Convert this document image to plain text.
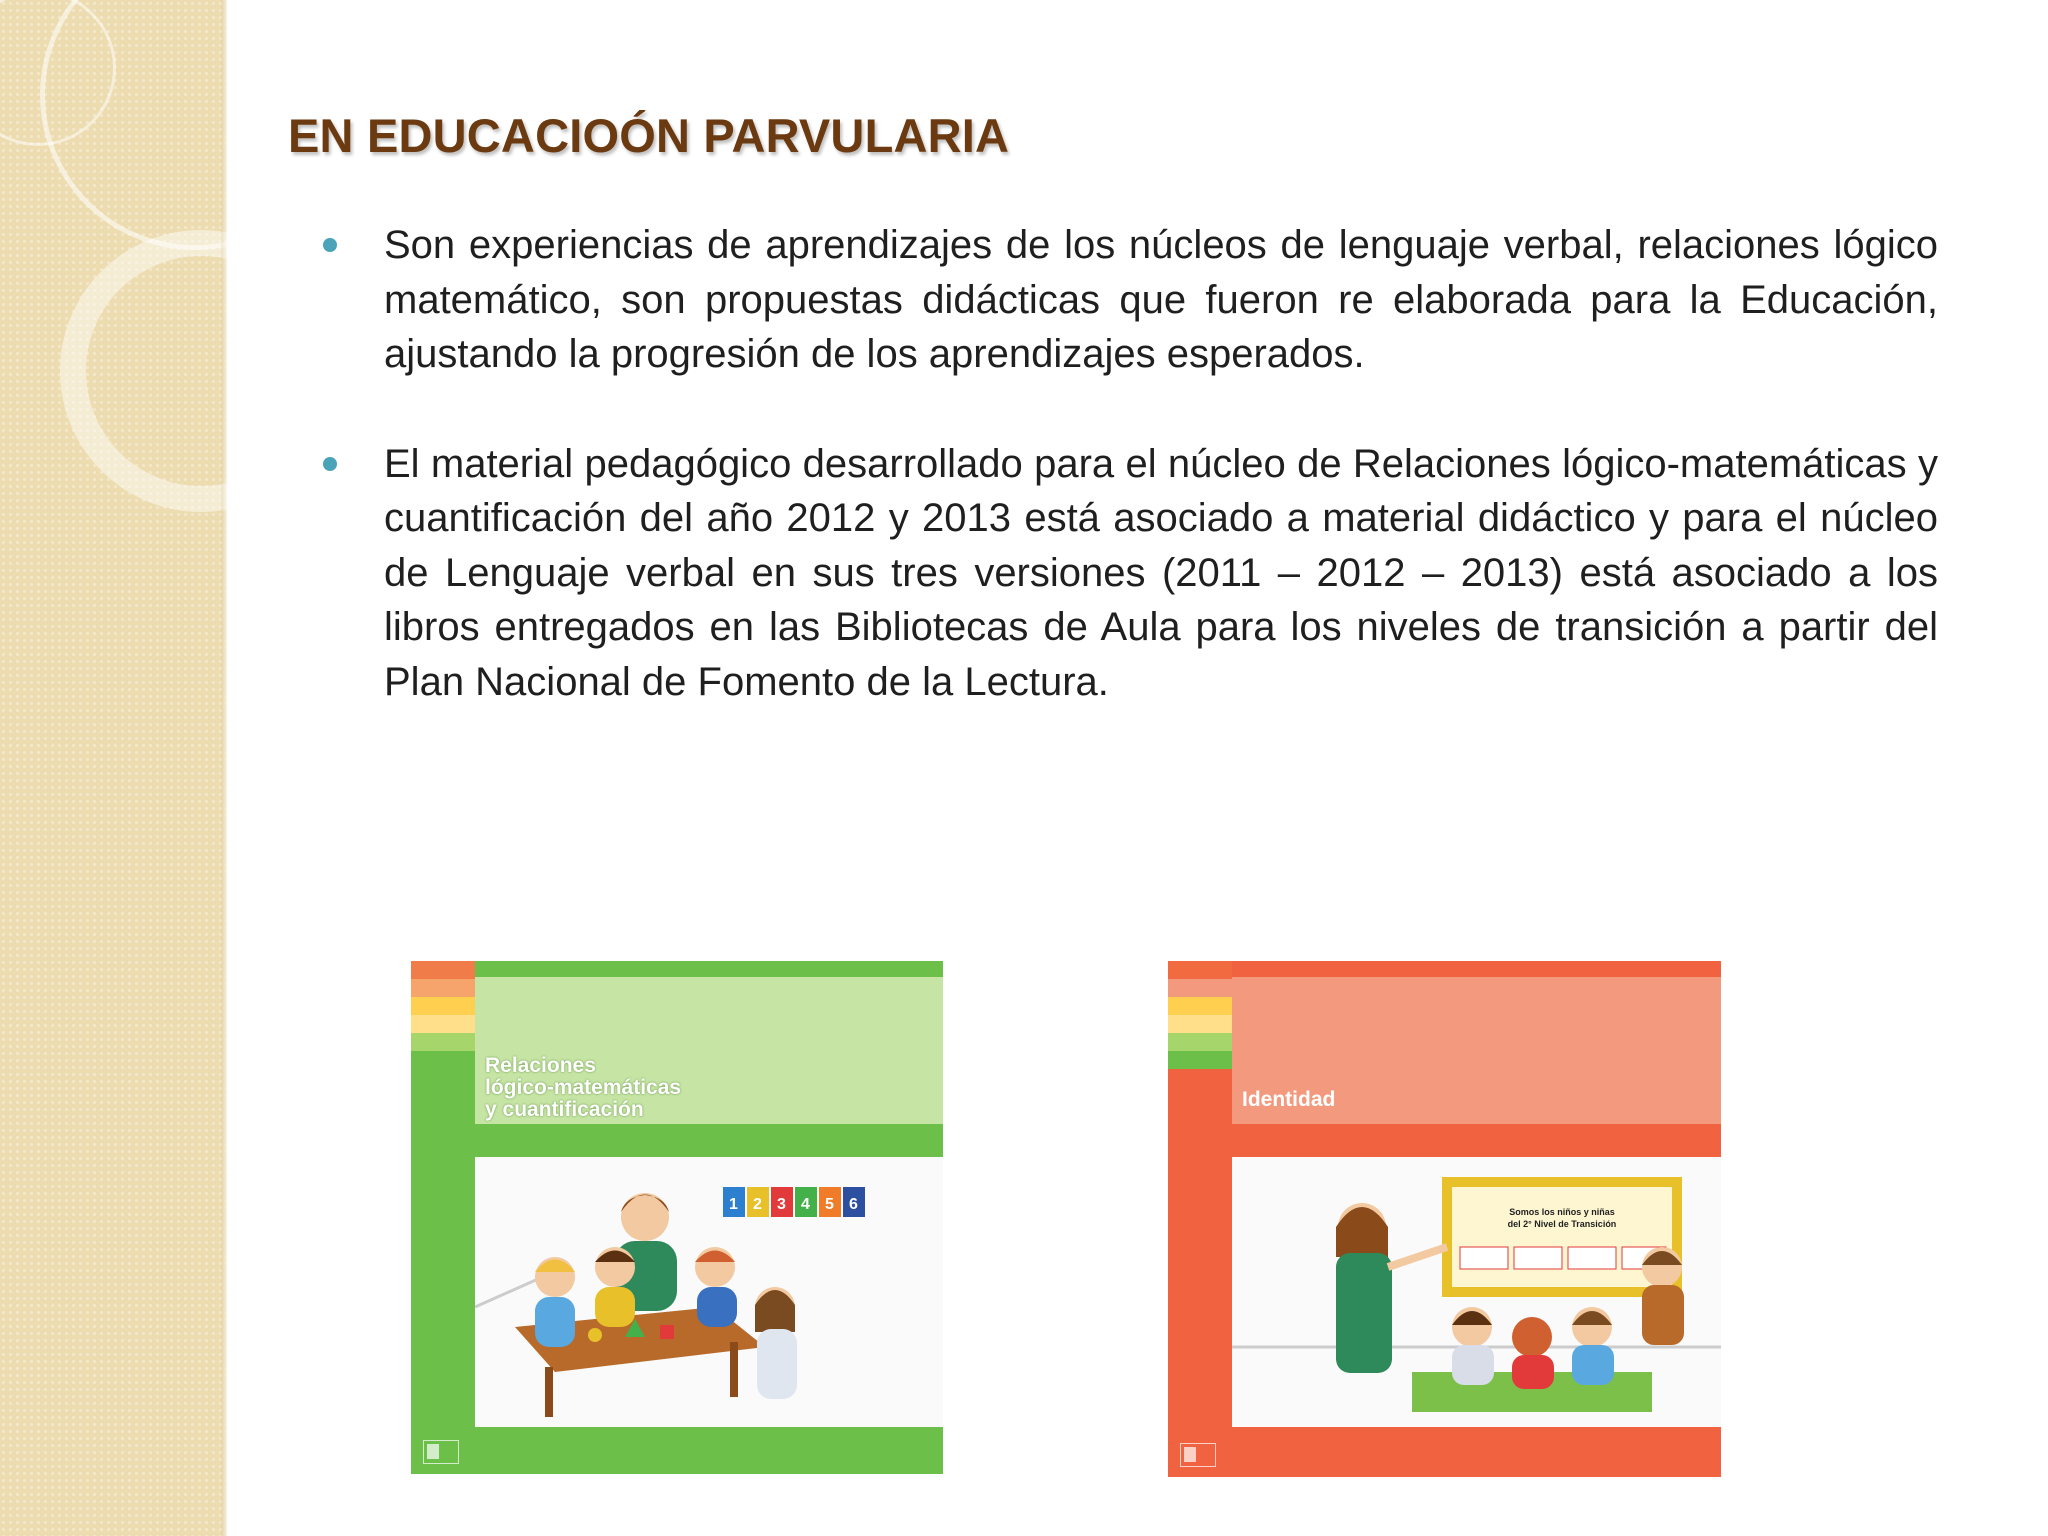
EN EDUCACIOÓN PARVULARIA
Son experiencias de aprendizajes de los núcleos de lenguaje verbal, relaciones lógico matemático, son propuestas didácticas que fueron re elaborada para la Educación, ajustando la progresión de los aprendizajes esperados.
El material pedagógico desarrollado para el núcleo de Relaciones lógico-matemáticas y cuantificación del año 2012 y 2013 está asociado a material didáctico y para el núcleo de Lenguaje verbal en sus tres versiones (2011 – 2012 – 2013) está asociado a los libros entregados en las Bibliotecas de Aula para los niveles de transición a partir del Plan Nacional de Fomento de la Lectura.
Relaciones
lógico-matemáticas
y cuantificación
1 2 3 4 5 6
Identidad
Somos los niños y niñas del 2° Nivel de Transición
